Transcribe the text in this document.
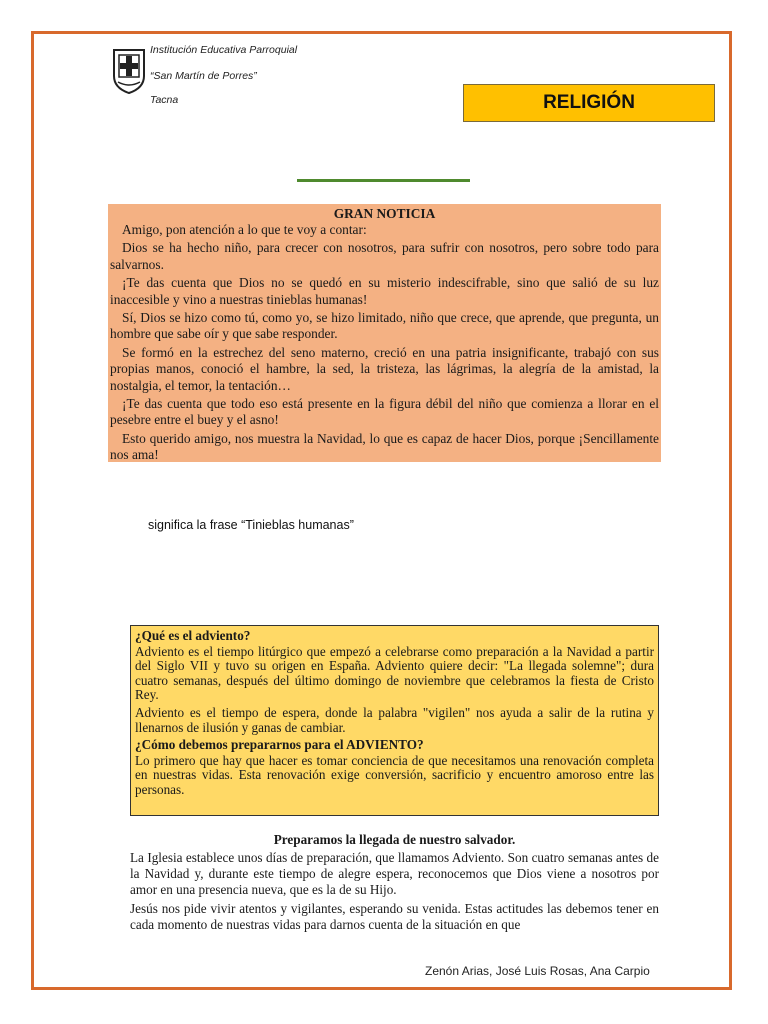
Institución Educativa Parroquial
“San Martín de Porres”
Tacna	RELIGIÓN
GRAN NOTICIA

Amigo, pon atención a lo que te voy a contar:

Dios se ha hecho niño, para crecer con nosotros, para sufrir con nosotros, pero sobre todo para salvarnos.

¡Te das cuenta que Dios no se quedó en su misterio indescifrable, sino que salió de su luz inaccesible y vino a nuestras tinieblas humanas!

Sí, Dios se hizo como tú, como yo, se hizo limitado, niño que crece, que aprende, que pregunta, un hombre que sabe oír y que sabe responder.

Se formó en la estrechez del seno materno, creció en una patria insignificante, trabajó con sus propias manos, conoció el hambre, la sed, la tristeza, las lágrimas, la alegría de la amistad, la nostalgia, el temor, la tentación…

¡Te das cuenta que todo eso está presente en la figura débil del niño que comienza a llorar en el pesebre entre el buey y el asno!

Esto querido amigo, nos muestra la Navidad, lo que es capaz de hacer Dios, porque ¡Sencillamente nos ama!

significa la frase “Tinieblas humanas”

¿Qué es el adviento?

Adviento es el tiempo litúrgico que empezó a celebrarse como preparación a la Navidad a partir del Siglo VII y tuvo su origen en España. Adviento quiere decir: "La llegada solemne"; dura cuatro semanas, después del último domingo de noviembre que celebramos la fiesta de Cristo Rey.

Adviento es el tiempo de espera, donde la palabra "vigilen" nos ayuda a salir de la rutina y llenarnos de ilusión y ganas de cambiar.

¿Cómo debemos prepararnos para el ADVIENTO?

Lo primero que hay que hacer es tomar conciencia de que necesitamos una renovación completa en nuestras vidas. Esta renovación exige conversión, sacrificio y encuentro amoroso entre las personas.

Preparamos la llegada de nuestro salvador.

La Iglesia establece unos días de preparación, que llamamos Adviento. Son cuatro semanas antes de la Navidad y, durante este tiempo de alegre espera, reconocemos que Dios viene a nosotros por amor en una presencia nueva, que es la de su Hijo.

Jesús nos pide vivir atentos y vigilantes, esperando su venida. Estas actitudes las debemos tener en cada momento de nuestras vidas para darnos cuenta de la situación en que

Zenón Arias, José Luis Rosas, Ana Carpio
